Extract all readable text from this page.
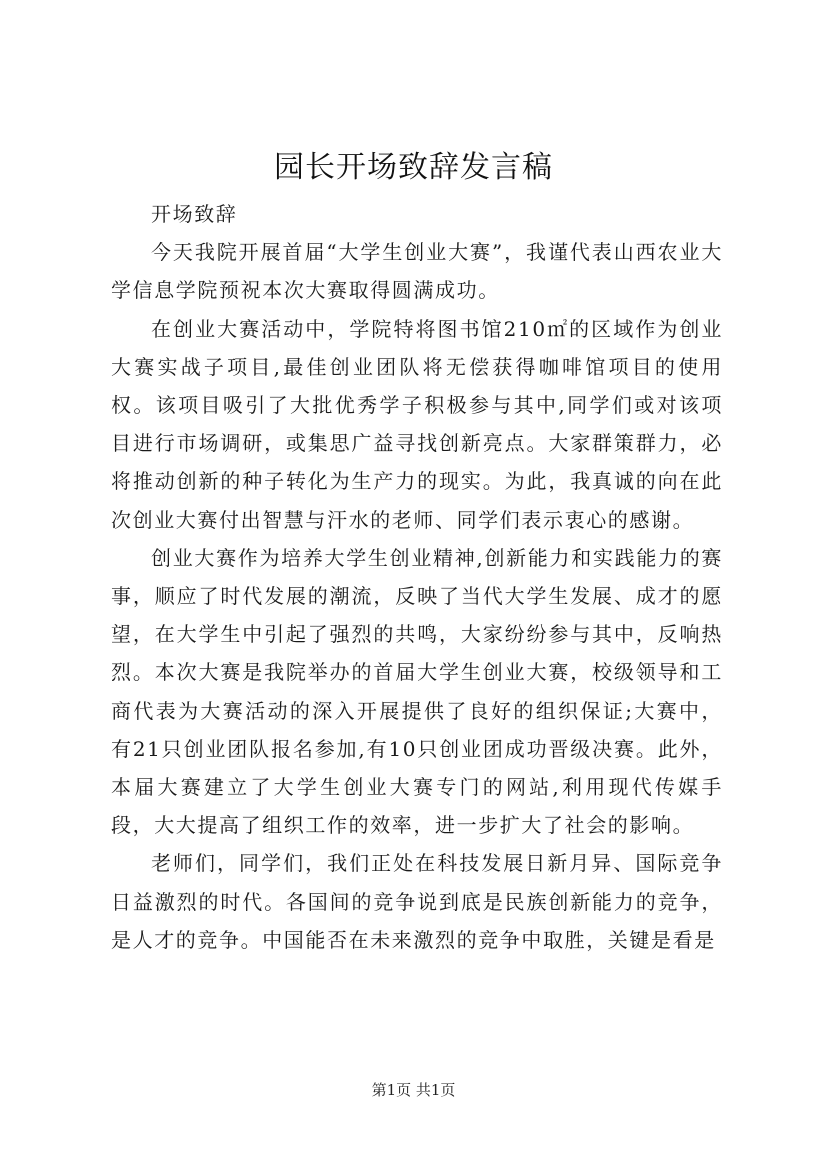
园长开场致辞发言稿

开场致辞

今天我院开展首届“大学生创业大赛”，我谨代表山西农业大学信息学院预祝本次大赛取得圆满成功。

在创业大赛活动中，学院特将图书馆210㎡的区域作为创业大赛实战子项目,最佳创业团队将无偿获得咖啡馆项目的使用权。该项目吸引了大批优秀学子积极参与其中,同学们或对该项目进行市场调研，或集思广益寻找创新亮点。大家群策群力，必将推动创新的种子转化为生产力的现实。为此，我真诚的向在此次创业大赛付出智慧与汗水的老师、同学们表示衷心的感谢。

创业大赛作为培养大学生创业精神,创新能力和实践能力的赛事，顺应了时代发展的潮流，反映了当代大学生发展、成才的愿望，在大学生中引起了强烈的共鸣，大家纷纷参与其中，反响热烈。本次大赛是我院举办的首届大学生创业大赛，校级领导和工商代表为大赛活动的深入开展提供了良好的组织保证;大赛中，有21只创业团队报名参加,有10只创业团成功晋级决赛。此外，本届大赛建立了大学生创业大赛专门的网站,利用现代传媒手段，大大提高了组织工作的效率，进一步扩大了社会的影响。

老师们，同学们，我们正处在科技发展日新月异、国际竞争日益激烈的时代。各国间的竞争说到底是民族创新能力的竞争，是人才的竞争。中国能否在未来激烈的竞争中取胜，关键是看是

第1页 共1页
